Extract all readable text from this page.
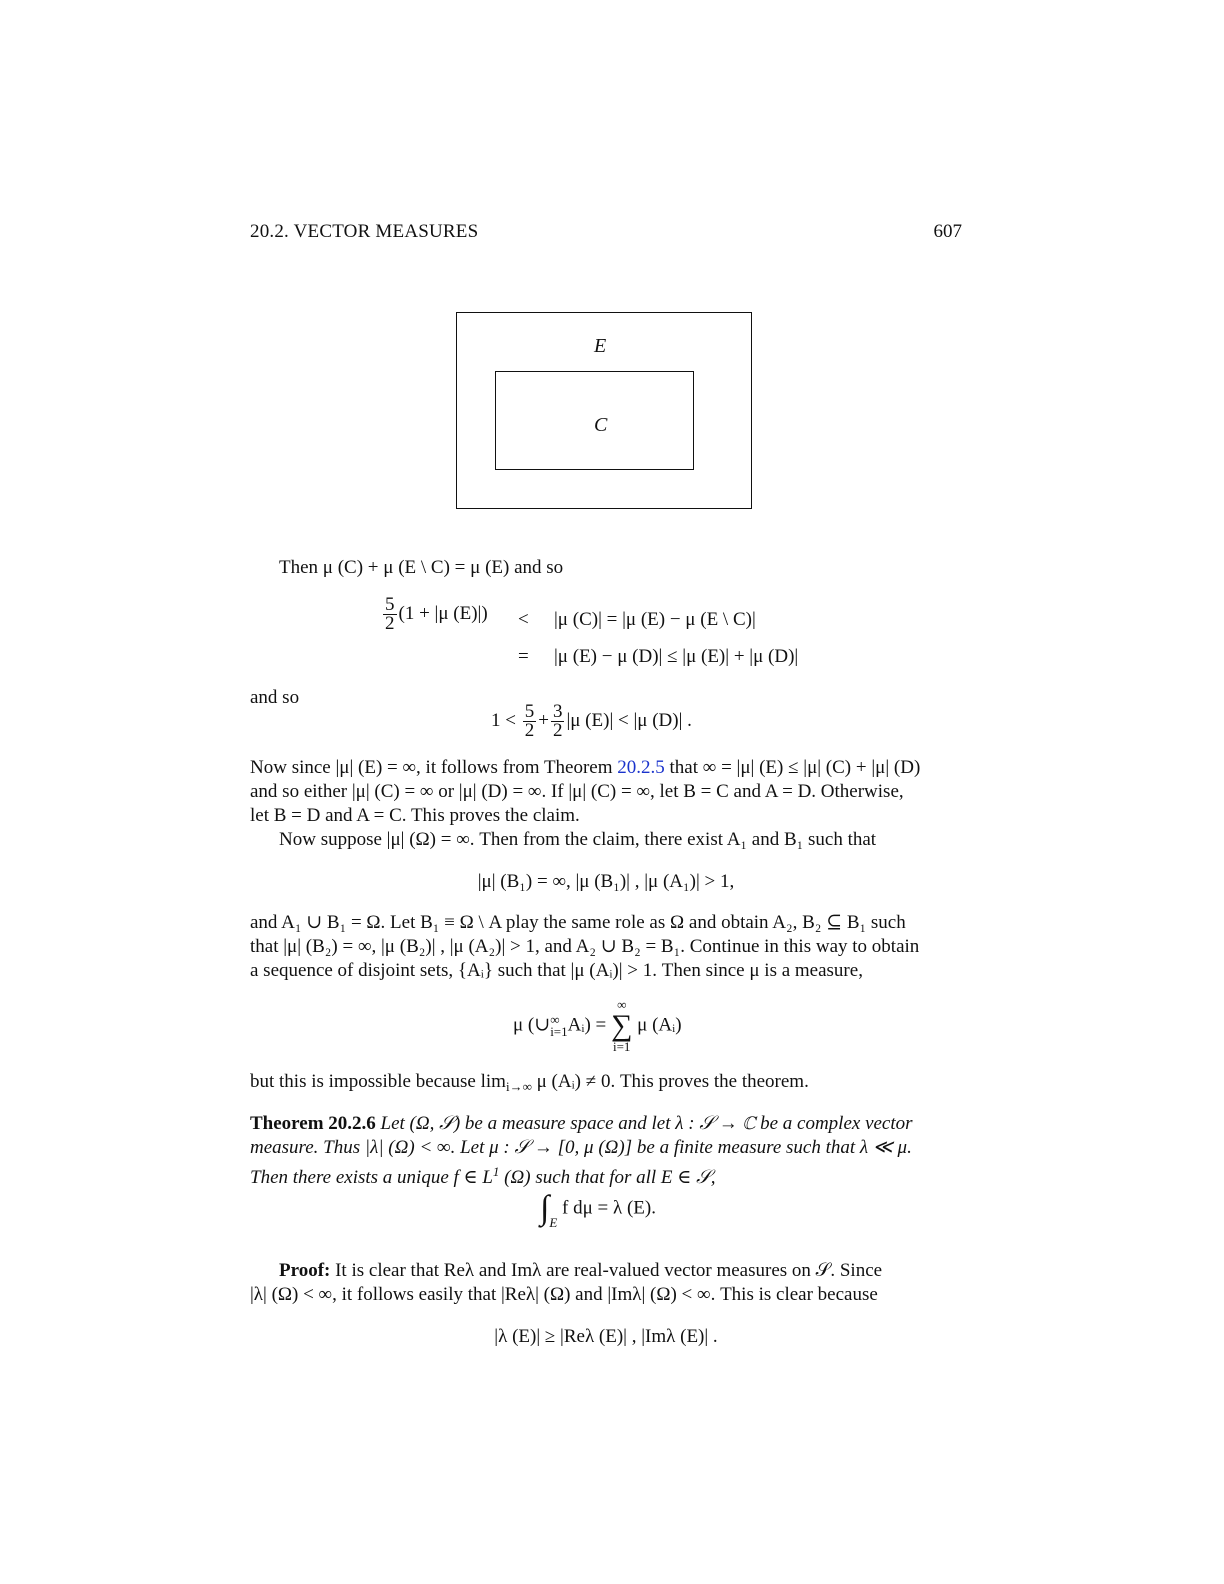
20.2. VECTOR MEASURES	607
E
C
Then μ (C) + μ (E \ C) = μ (E) and so
$\frac{5}{2} (1 + |\mu$ (E)|) < |μ (C)| = |μ (E) − μ (E \ C)|
= |μ (E) − μ (D)| ≤ |μ (E)| + |μ (D)|
and so
$1 < \frac{5}{2} + \frac{3}{2} |\mu$ (E)| < |μ (D)| .
Now since |μ| (E) = ∞, it follows from Theorem 20.2.5 that ∞ = |μ| (E) ≤ |μ| (C) + |μ| (D)
and so either |μ| (C) = ∞ or |μ| (D) = ∞. If |μ| (C) = ∞, let B = C and A = D. Otherwise,
let B = D and A = C. This proves the claim.
Now suppose |μ| (Ω) = ∞. Then from the claim, there exist A₁ and B₁ such that
|μ| (B₁) = ∞, |μ (B₁)| , |μ (A₁)| > 1,
and A₁ ∪ B₁ = Ω. Let B₁ ≡ Ω \ A play the same role as Ω and obtain A₂, B₂ ⊆ B₁ such
that |μ| (B₂) = ∞, |μ (B₂)| , |μ (A₂)| > 1, and A₂ ∪ B₂ = B₁. Continue in this way to obtain
a sequence of disjoint sets, {Aᵢ} such that |μ (Aᵢ)| > 1. Then since μ is a measure,
μ (∪ ∞
i=1 Aᵢ) =
∞
∑
i=1
μ (Aᵢ)
but this is impossible because $\lim_{i\to\infty} \mu$ (Aᵢ) ≠ 0. This proves the theorem.
Theorem 20.2.6 Let (Ω, 𝒮) be a measure space and let λ : 𝒮 → ℂ be a complex vector
measure. Thus |λ| (Ω) < ∞. Let μ : 𝒮 → [0, μ (Ω)] be a finite measure such that λ ≪ μ.
Then there exists a unique f ∈ $L^1$ (Ω) such that for all E ∈ 𝒮,
$\int_E$ f dμ = λ (E).
Proof: It is clear that Reλ and Imλ are real-valued vector measures on 𝒮. Since
|λ| (Ω) < ∞, it follows easily that |Reλ| (Ω) and |Imλ| (Ω) < ∞. This is clear because
|λ (E)| ≥ |Reλ (E)| , |Imλ (E)| .
